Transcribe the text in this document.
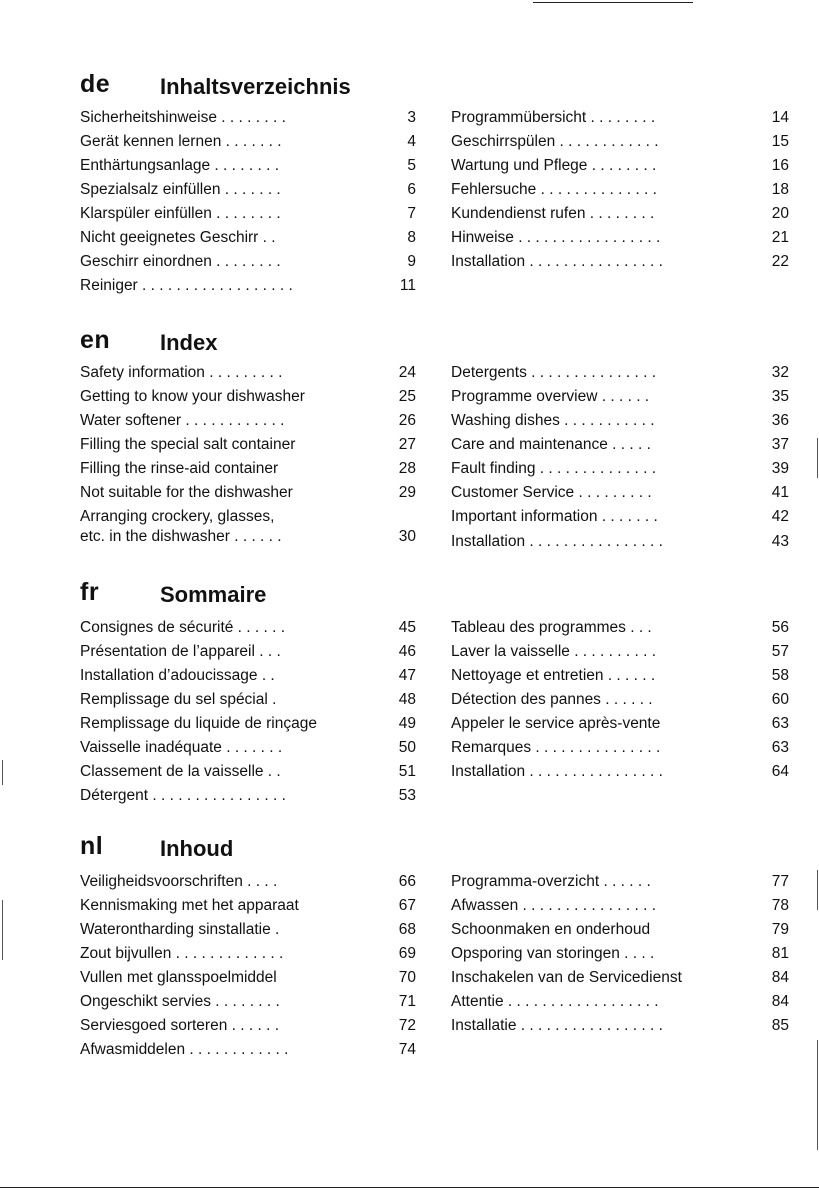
de Inhaltsverzeichnis
Sicherheitshinweise . . . . . . . .	3
Gerät kennen lernen . . . . . . .	4
Enthärtungsanlage . . . . . . . .	5
Spezialsalz einfüllen . . . . . . .	6
Klarspüler einfüllen . . . . . . . .	7
Nicht geeignetes Geschirr . .	8
Geschirr einordnen . . . . . . . .	9
Reiniger . . . . . . . . . . . . . . . . . .	11
Programmübersicht . . . . . . . .	14
Geschirrspülen . . . . . . . . . . . .	15
Wartung und Pflege . . . . . . . .	16
Fehlersuche . . . . . . . . . . . . . .	18
Kundendienst rufen . . . . . . . .	20
Hinweise . . . . . . . . . . . . . . . . .	21
Installation . . . . . . . . . . . . . . . .	22
en Index
Safety information . . . . . . . . .	24
Getting to know your dishwasher	25
Water softener . . . . . . . . . . . .	26
Filling the special salt container	27
Filling the rinse-aid container	28
Not suitable for the dishwasher	29
Arranging crockery, glasses,
etc. in the dishwasher . . . . . .	30
Detergents . . . . . . . . . . . . . . .	32
Programme overview . . . . . .	35
Washing dishes . . . . . . . . . . .	36
Care and maintenance . . . . .	37
Fault finding . . . . . . . . . . . . . .	39
Customer Service . . . . . . . . .	41
Important information . . . . . . .	42
Installation . . . . . . . . . . . . . . . .	43
fr	Sommaire
Consignes de sécurité . . . . . .	45
Présentation de l’appareil . . .	46
Installation d’adoucissage . .	47
Remplissage du sel spécial .	48
Remplissage du liquide de rinçage	49
Vaisselle inadéquate . . . . . . .	50
Classement de la vaisselle . .	51
Détergent . . . . . . . . . . . . . . . .	53
Tableau des programmes . . .	56
Laver la vaisselle . . . . . . . . . .	57
Nettoyage et entretien . . . . . .	58
Détection des pannes . . . . . .	60
Appeler le service après-vente	63
Remarques . . . . . . . . . . . . . . .	63
Installation . . . . . . . . . . . . . . . .	64
nl	Inhoud
Veiligheidsvoorschriften . . . .	66
Kennismaking met het apparaat	67
Waterontharding sinstallatie .	68
Zout bijvullen . . . . . . . . . . . . .	69
Vullen met glansspoelmiddel	70
Ongeschikt servies . . . . . . . .	71
Serviesgoed sorteren . . . . . .	72
Afwasmiddelen . . . . . . . . . . . .	74
Programma-overzicht . . . . . .	77
Afwassen . . . . . . . . . . . . . . . .	78
Schoonmaken en onderhoud	79
Opsporing van storingen . . . .	81
Inschakelen van de Servicedienst	84
Attentie . . . . . . . . . . . . . . . . . .	84
Installatie . . . . . . . . . . . . . . . . .	85
